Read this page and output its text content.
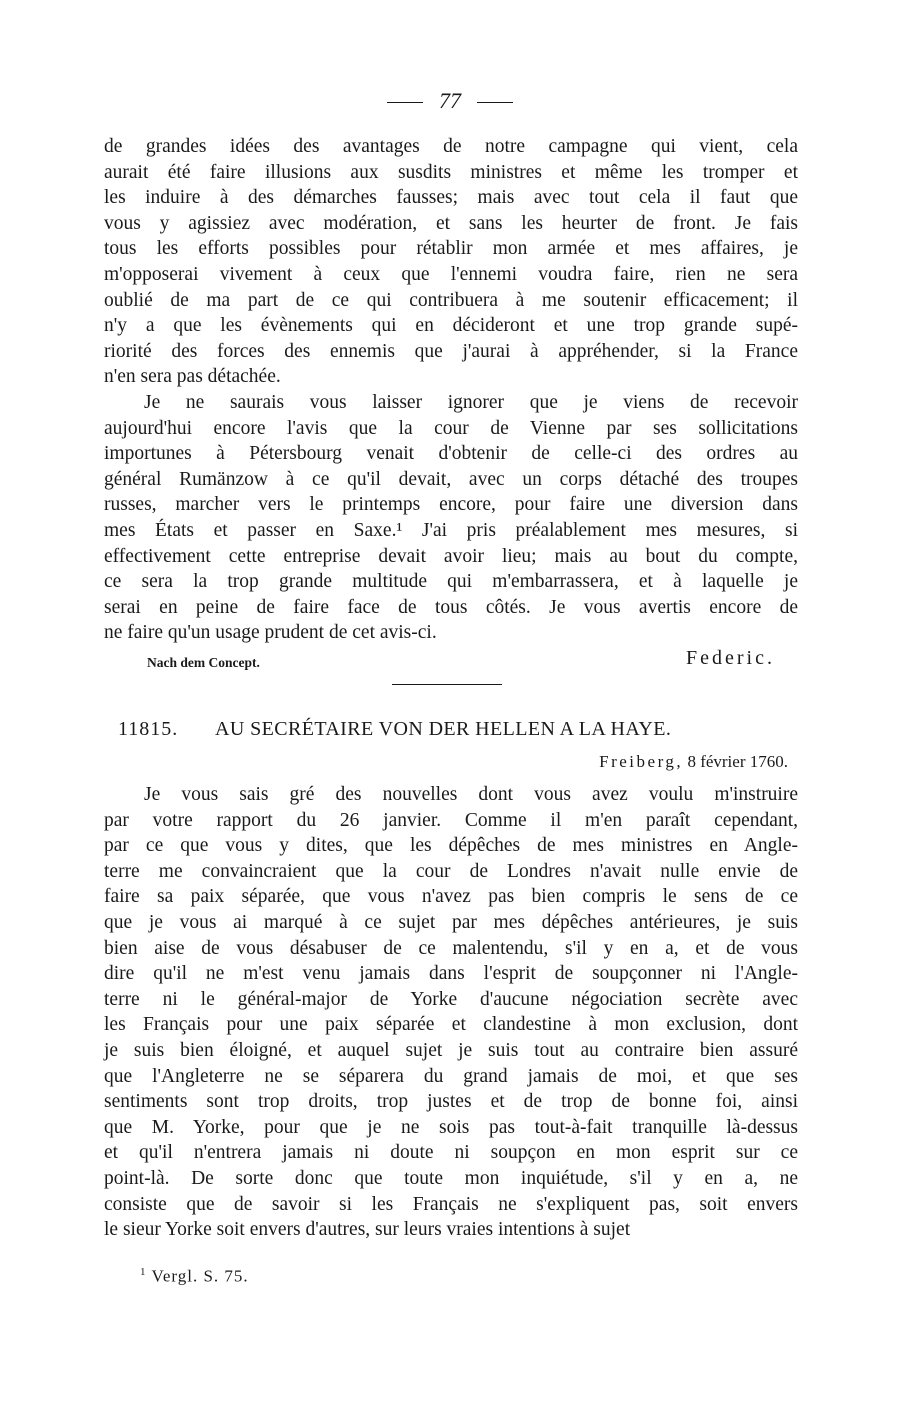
77
de grandes idées des avantages de notre campagne qui vient, cela
aurait été faire illusions aux susdits ministres et même les tromper et
les induire à des démarches fausses; mais avec tout cela il faut que
vous y agissiez avec modération, et sans les heurter de front. Je fais
tous les efforts possibles pour rétablir mon armée et mes affaires, je
m'opposerai vivement à ceux que l'ennemi voudra faire, rien ne sera
oublié de ma part de ce qui contribuera à me soutenir efficacement; il
n'y a que les évènements qui en décideront et une trop grande supé-
riorité des forces des ennemis que j'aurai à appréhender, si la France
n'en sera pas détachée.
Je ne saurais vous laisser ignorer que je viens de recevoir
aujourd'hui encore l'avis que la cour de Vienne par ses sollicitations
importunes à Pétersbourg venait d'obtenir de celle-ci des ordres au
général Rumänzow à ce qu'il devait, avec un corps détaché des troupes
russes, marcher vers le printemps encore, pour faire une diversion dans
mes États et passer en Saxe.¹ J'ai pris préalablement mes mesures, si
effectivement cette entreprise devait avoir lieu; mais au bout du compte,
ce sera la trop grande multitude qui m'embarrassera, et à laquelle je
serai en peine de faire face de tous côtés. Je vous avertis encore de
ne faire qu'un usage prudent de cet avis-ci.
Nach dem Concept.	Federic.
11815. AU SECRÉTAIRE VON DER HELLEN A LA HAYE.
Freiberg, 8 février 1760.
Je vous sais gré des nouvelles dont vous avez voulu m'instruire
par votre rapport du 26 janvier. Comme il m'en paraît cependant,
par ce que vous y dites, que les dépêches de mes ministres en Angle-
terre me convaincraient que la cour de Londres n'avait nulle envie de
faire sa paix séparée, que vous n'avez pas bien compris le sens de ce
que je vous ai marqué à ce sujet par mes dépêches antérieures, je suis
bien aise de vous désabuser de ce malentendu, s'il y en a, et de vous
dire qu'il ne m'est venu jamais dans l'esprit de soupçonner ni l'Angle-
terre ni le général-major de Yorke d'aucune négociation secrète avec
les Français pour une paix séparée et clandestine à mon exclusion, dont
je suis bien éloigné, et auquel sujet je suis tout au contraire bien assuré
que l'Angleterre ne se séparera du grand jamais de moi, et que ses
sentiments sont trop droits, trop justes et de trop de bonne foi, ainsi
que M. Yorke, pour que je ne sois pas tout-à-fait tranquille là-dessus
et qu'il n'entrera jamais ni doute ni soupçon en mon esprit sur ce
point-là. De sorte donc que toute mon inquiétude, s'il y en a, ne
consiste que de savoir si les Français ne s'expliquent pas, soit envers
le sieur Yorke soit envers d'autres, sur leurs vraies intentions à sujet
$^1$ Vergl. S. 75.
